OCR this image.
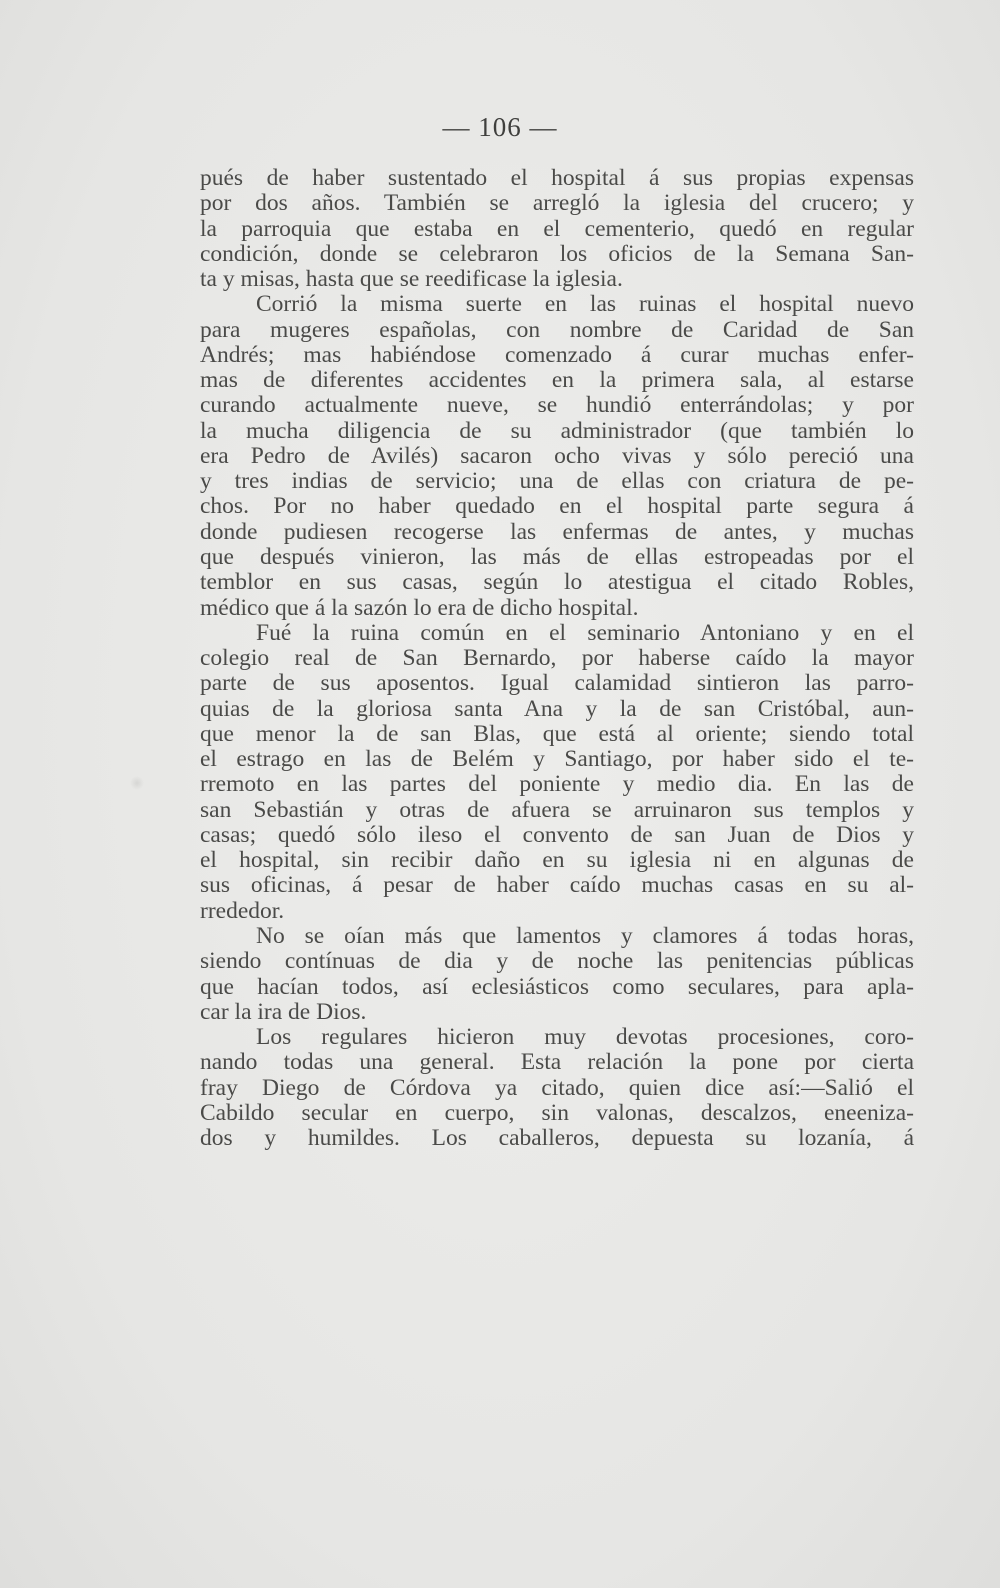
— 106 —
pués de haber sustentado el hospital á sus propias expensas
por dos años. También se arregló la iglesia del crucero; y
la parroquia que estaba en el cementerio, quedó en regular
condición, donde se celebraron los oficios de la Semana San-
ta y misas, hasta que se reedificase la iglesia.
Corrió la misma suerte en las ruinas el hospital nuevo
para mugeres españolas, con nombre de Caridad de San
Andrés; mas habiéndose comenzado á curar muchas enfer-
mas de diferentes accidentes en la primera sala, al estarse
curando actualmente nueve, se hundió enterrándolas; y por
la mucha diligencia de su administrador (que también lo
era Pedro de Avilés) sacaron ocho vivas y sólo pereció una
y tres indias de servicio; una de ellas con criatura de pe-
chos. Por no haber quedado en el hospital parte segura á
donde pudiesen recogerse las enfermas de antes, y muchas
que después vinieron, las más de ellas estropeadas por el
temblor en sus casas, según lo atestigua el citado Robles,
médico que á la sazón lo era de dicho hospital.
Fué la ruina común en el seminario Antoniano y en el
colegio real de San Bernardo, por haberse caído la mayor
parte de sus aposentos. Igual calamidad sintieron las parro-
quias de la gloriosa santa Ana y la de san Cristóbal, aun-
que menor la de san Blas, que está al oriente; siendo total
el estrago en las de Belém y Santiago, por haber sido el te-
rremoto en las partes del poniente y medio dia. En las de
san Sebastián y otras de afuera se arruinaron sus templos y
casas; quedó sólo ileso el convento de san Juan de Dios y
el hospital, sin recibir daño en su iglesia ni en algunas de
sus oficinas, á pesar de haber caído muchas casas en su al-
rrededor.
No se oían más que lamentos y clamores á todas horas,
siendo contínuas de dia y de noche las penitencias públicas
que hacían todos, así eclesiásticos como seculares, para apla-
car la ira de Dios.
Los regulares hicieron muy devotas procesiones, coro-
nando todas una general. Esta relación la pone por cierta
fray Diego de Córdova ya citado, quien dice así:—Salió el
Cabildo secular en cuerpo, sin valonas, descalzos, eneeniza-
dos y humildes. Los caballeros, depuesta su lozanía, á
